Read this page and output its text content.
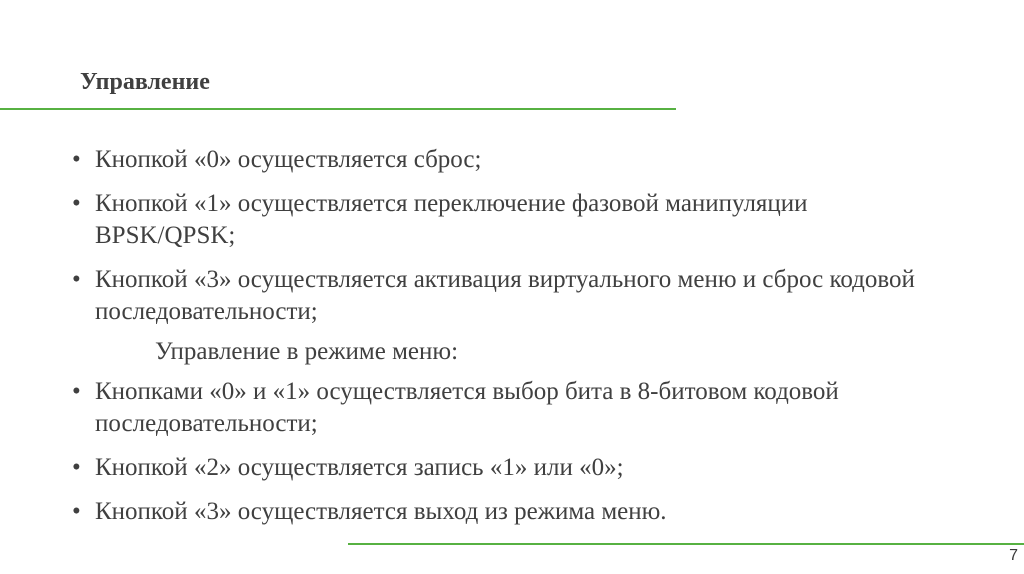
Управление
• Кнопкой «0» осуществляется сброс;
• Кнопкой «1» осуществляется переключение фазовой манипуляции BPSK/QPSK;
• Кнопкой «3» осуществляется активация виртуального меню и сброс кодовой последовательности;
Управление в режиме меню:
• Кнопками «0» и «1» осуществляется выбор бита в 8-битовом кодовой последовательности;
• Кнопкой «2» осуществляется запись «1» или «0»;
• Кнопкой «3» осуществляется выход из режима меню.
7
